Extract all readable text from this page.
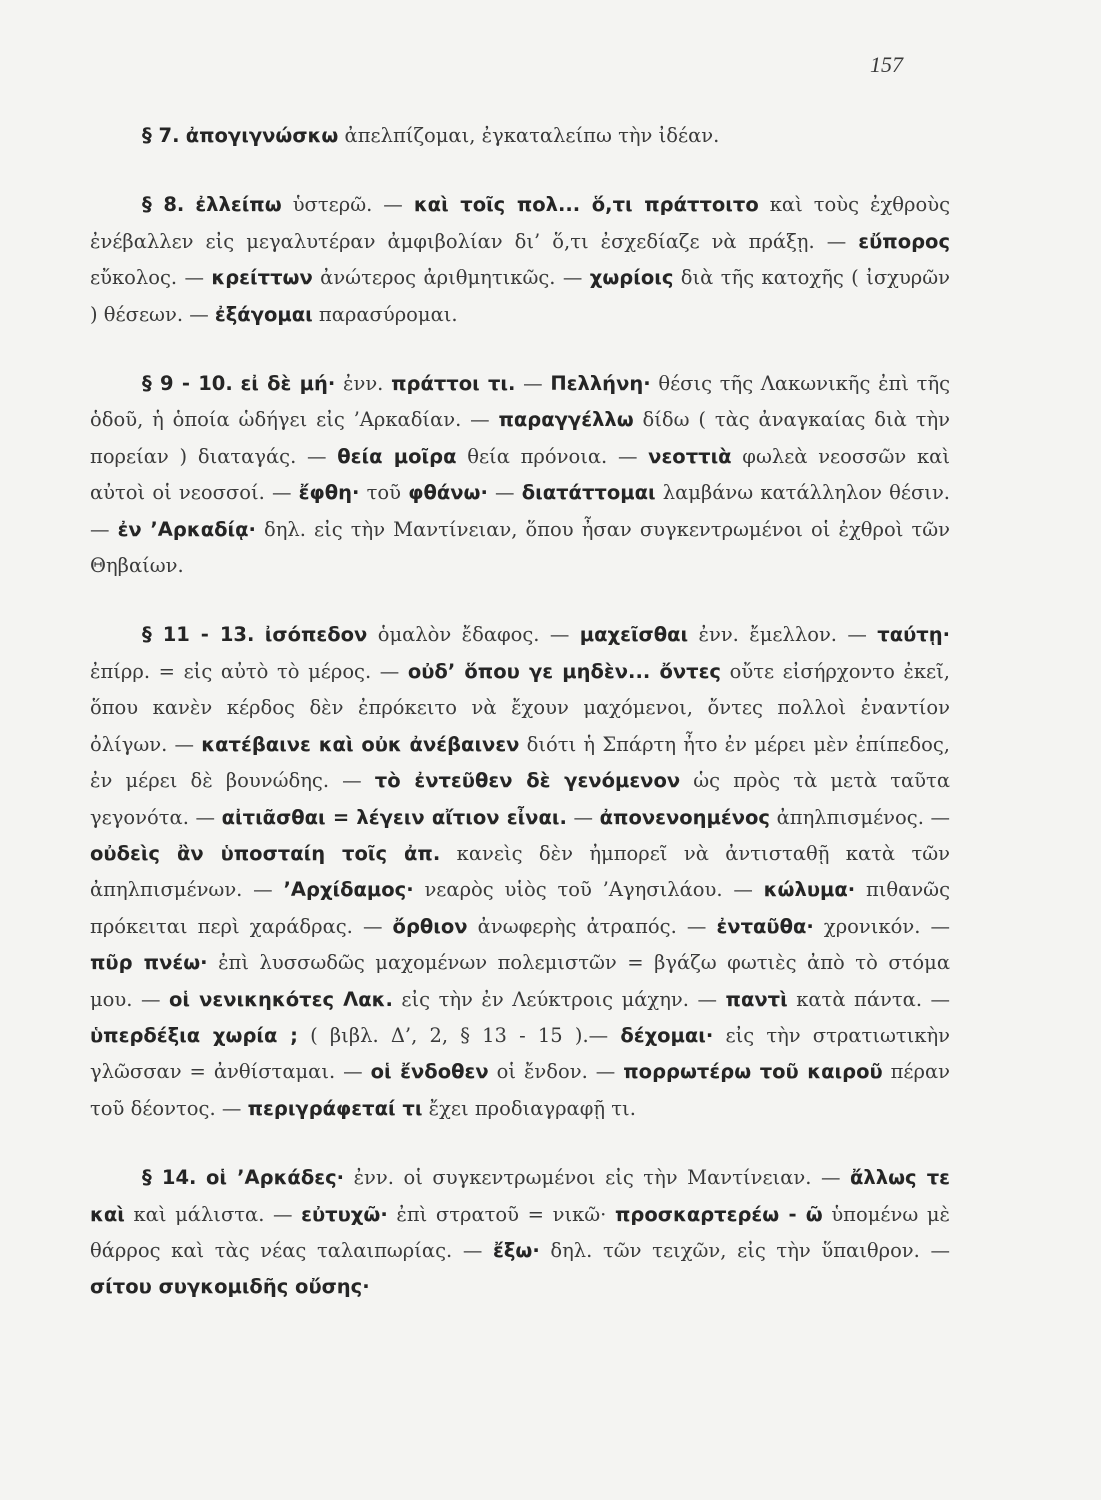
157

§ 7. ἀπογιγνώσκω ἀπελπίζομαι, ἐγκαταλείπω τὴν ἰδέαν.

§ 8. ἐλλείπω ὑστερῶ. — καὶ τοῖς πολ... ὅ,τι πράττοιτο καὶ τοὺς ἐχθροὺς ἐνέβαλλεν εἰς μεγαλυτέραν ἀμφιβολίαν δι’ ὅ,τι ἐσχεδίαζε νὰ πράξῃ. — εὔπορος εὔκολος. — κρείττων ἀνώτερος ἀριθμητικῶς. — χωρίοις διὰ τῆς κατοχῆς ( ἰσχυρῶν ) θέσεων. — ἐξάγομαι παρασύρομαι.

§ 9 - 10. εἰ δὲ μή· ἐνν. πράττοι τι. — Πελλήνη· θέσις τῆς Λακωνικῆς ἐπὶ τῆς ὁδοῦ, ἡ ὁποία ὡδήγει εἰς ’Αρκαδίαν. — παραγγέλλω δίδω ( τὰς ἀναγκαίας διὰ τὴν πορείαν ) διαταγάς. — θεία μοῖρα θεία πρόνοια. — νεοττιὰ φωλεὰ νεοσσῶν καὶ αὐτοὶ οἱ νεοσσοί. — ἔφθη· τοῦ φθάνω· — διατάττομαι λαμβάνω κατάλληλον θέσιν. — ἐν ’Αρκαδίᾳ· δηλ. εἰς τὴν Μαντίνειαν, ὅπου ἦσαν συγκεντρωμένοι οἱ ἐχθροὶ τῶν Θηβαίων.

§ 11 - 13. ἰσόπεδον ὁμαλὸν ἔδαφος. — μαχεῖσθαι ἐνν. ἔμελλον. — ταύτῃ· ἐπίρρ. = εἰς αὐτὸ τὸ μέρος. — οὐδ’ ὅπου γε μηδὲν... ὄντες οὔτε εἰσήρχοντο ἐκεῖ, ὅπου κανὲν κέρδος δὲν ἐπρόκειτο νὰ ἔχουν μαχόμενοι, ὄντες πολλοὶ ἐναντίον ὀλίγων. — κατέβαινε καὶ οὐκ ἀνέβαινεν διότι ἡ Σπάρτη ἦτο ἐν μέρει μὲν ἐπίπεδος, ἐν μέρει δὲ βουνώδης. — τὸ ἐντεῦθεν δὲ γενόμενον ὡς πρὸς τὰ μετὰ ταῦτα γεγονότα. — αἰτιᾶσθαι = λέγειν αἴτιον εἶναι. — ἀπονενοημένος ἀπηλπισμένος. — οὐδεὶς ἂν ὑποσταίη τοῖς ἀπ. κανεὶς δὲν ἠμπορεῖ νὰ ἀντισταθῇ κατὰ τῶν ἀπηλπισμένων. — ’Αρχίδαμος· νεαρὸς υἱὸς τοῦ ’Αγησιλάου. — κώλυμα· πιθανῶς πρόκειται περὶ χαράδρας. — ὄρθιον ἀνωφερὴς ἀτραπός. — ἐνταῦθα· χρονικόν. — πῦρ πνέω· ἐπὶ λυσσωδῶς μαχομένων πολεμιστῶν = βγάζω φωτιὲς ἀπὸ τὸ στόμα μου. — οἱ νενικηκότες Λακ. εἰς τὴν ἐν Λεύκτροις μάχην. — παντὶ κατὰ πάντα. — ὑπερδέξια χωρία ; ( βιβλ. Δ’, 2, § 13 - 15 ).— δέχομαι· εἰς τὴν στρατιωτικὴν γλῶσσαν = ἀνθίσταμαι. — οἱ ἔνδοθεν οἱ ἔνδον. — πορρωτέρω τοῦ καιροῦ πέραν τοῦ δέοντος. — περιγράφεταί τι ἔχει προδιαγραφῇ τι.

§ 14. οἱ ’Αρκάδες· ἐνν. οἱ συγκεντρωμένοι εἰς τὴν Μαντίνειαν. — ἄλλως τε καὶ καὶ μάλιστα. — εὐτυχῶ· ἐπὶ στρατοῦ = νικῶ· προσκαρτερέω - ῶ ὑπομένω μὲ θάρρος καὶ τὰς νέας ταλαιπωρίας. — ἔξω· δηλ. τῶν τειχῶν, εἰς τὴν ὕπαιθρον. — σίτου συγκομιδῆς οὔσης·
